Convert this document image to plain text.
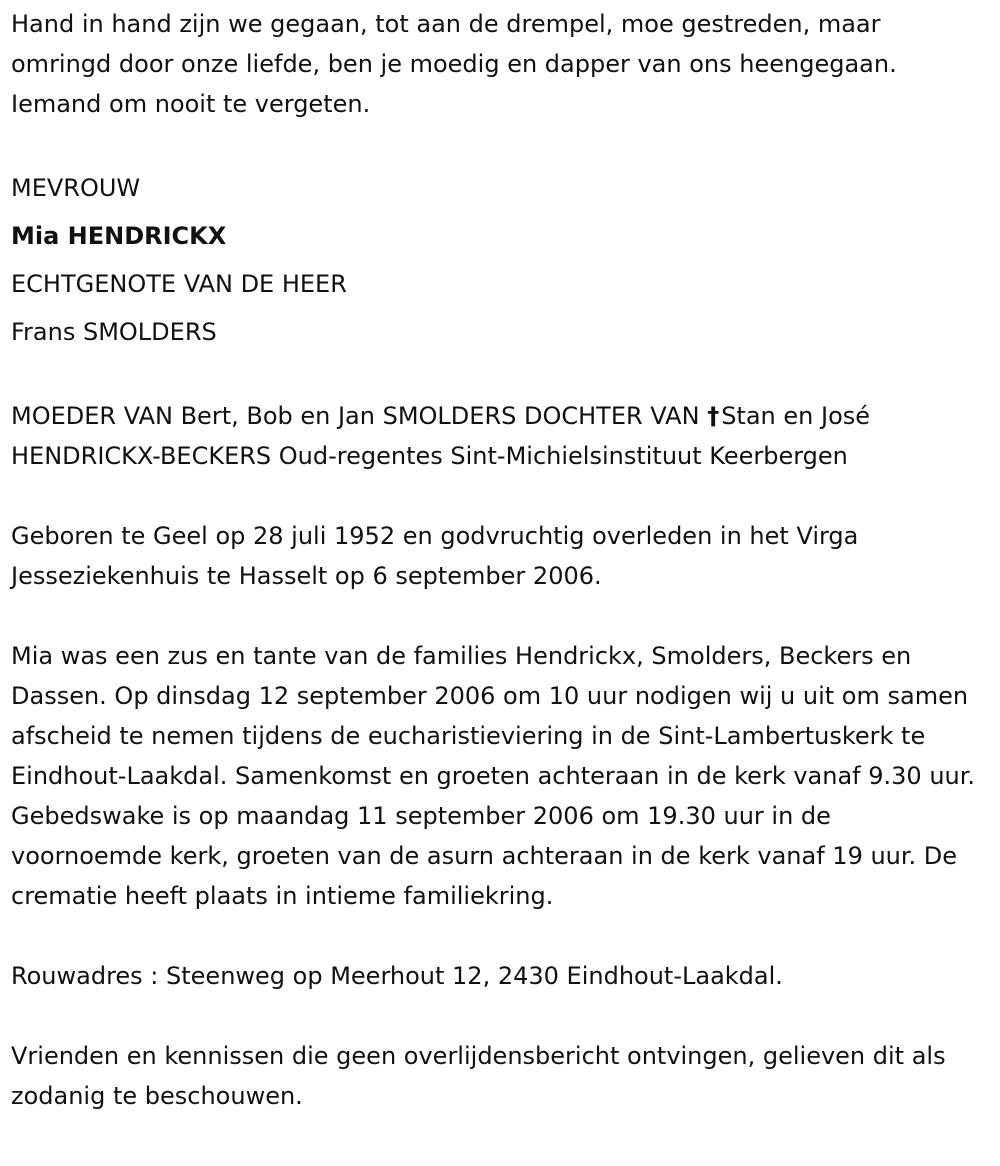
Hand in hand zijn we gegaan, tot aan de drempel, moe gestreden, maar omringd door onze liefde, ben je moedig en dapper van ons heengegaan. Iemand om nooit te vergeten.

MEVROUW

Mia HENDRICKX

ECHTGENOTE VAN DE HEER

Frans SMOLDERS

MOEDER VAN Bert, Bob en Jan SMOLDERS DOCHTER VAN †Stan en José HENDRICKX-BECKERS Oud-regentes Sint-Michielsinstituut Keerbergen

Geboren te Geel op 28 juli 1952 en godvruchtig overleden in het Virga Jesseziekenhuis te Hasselt op 6 september 2006.

Mia was een zus en tante van de families Hendrickx, Smolders, Beckers en Dassen. Op dinsdag 12 september 2006 om 10 uur nodigen wij u uit om samen afscheid te nemen tijdens de eucharistieviering in de Sint-Lambertuskerk te Eindhout-Laakdal. Samenkomst en groeten achteraan in de kerk vanaf 9.30 uur. Gebedswake is op maandag 11 september 2006 om 19.30 uur in de voornoemde kerk, groeten van de asurn achteraan in de kerk vanaf 19 uur. De crematie heeft plaats in intieme familiekring.

Rouwadres : Steenweg op Meerhout 12, 2430 Eindhout-Laakdal.

Vrienden en kennissen die geen overlijdensbericht ontvingen, gelieven dit als zodanig te beschouwen.
